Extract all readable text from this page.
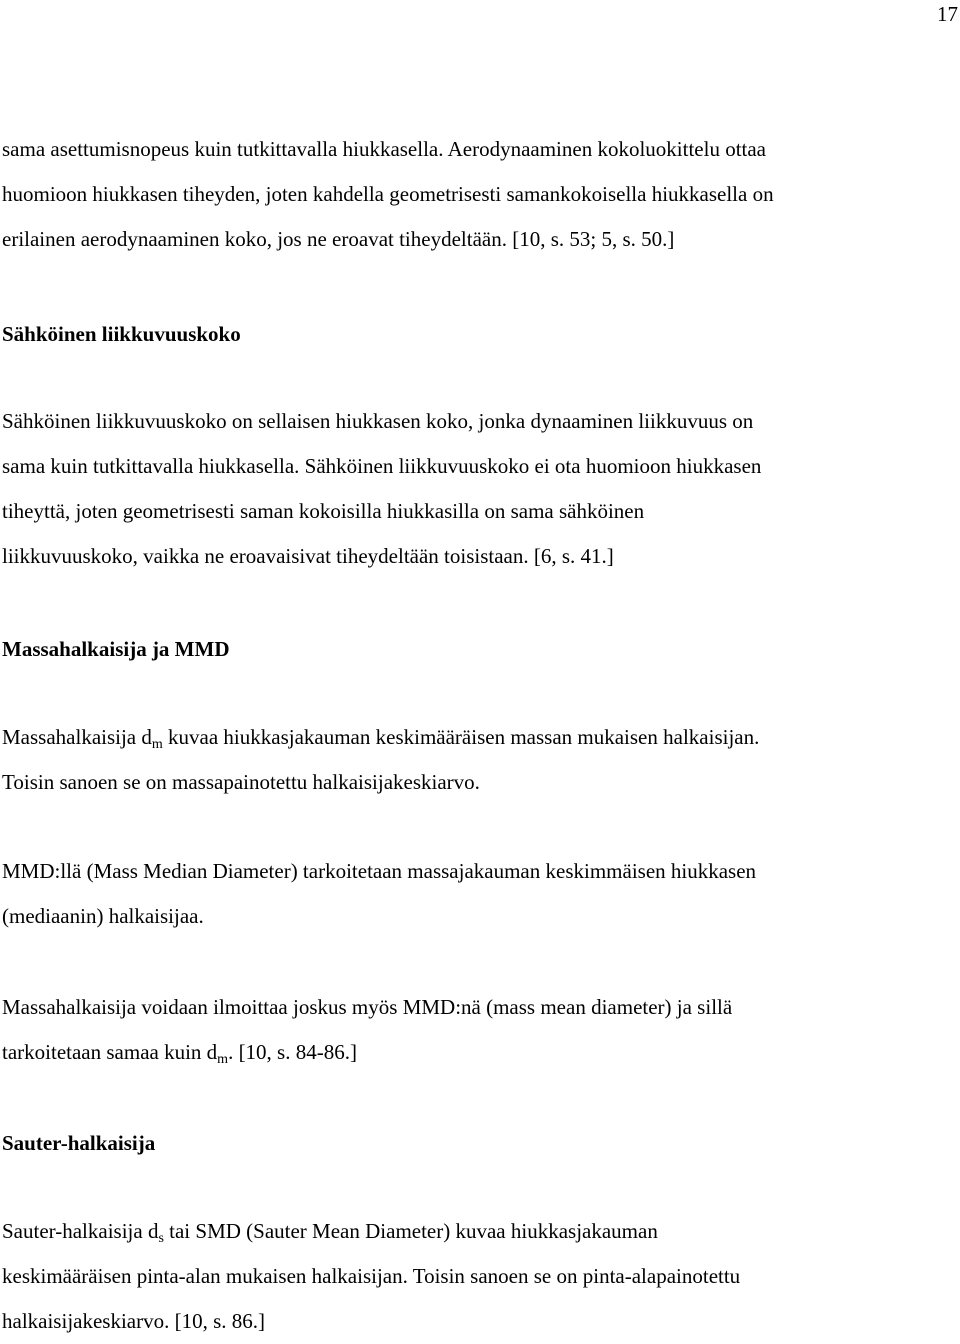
17

sama asettumisnopeus kuin tutkittavalla hiukkasella. Aerodynaaminen kokoluokittelu ottaa
huomioon hiukkasen tiheyden, joten kahdella geometrisesti samankokoisella hiukkasella on
erilainen aerodynaaminen koko, jos ne eroavat tiheydeltään. [10, s. 53; 5, s. 50.]

Sähköinen liikkuvuuskoko

Sähköinen liikkuvuuskoko on sellaisen hiukkasen koko, jonka dynaaminen liikkuvuus on
sama kuin tutkittavalla hiukkasella. Sähköinen liikkuvuuskoko ei ota huomioon hiukkasen
tiheyttä, joten geometrisesti saman kokoisilla hiukkasilla on sama sähköinen
liikkuvuuskoko, vaikka ne eroavaisivat tiheydeltään toisistaan. [6, s. 41.]

Massahalkaisija ja MMD

Massahalkaisija $d_m$ kuvaa hiukkasjakauman keskimääräisen massan mukaisen halkaisijan.
Toisin sanoen se on massapainotettu halkaisijakeskiarvo.

MMD:llä (Mass Median Diameter) tarkoitetaan massajakauman keskimmäisen hiukkasen
(mediaanin) halkaisijaa.

Massahalkaisija voidaan ilmoittaa joskus myös MMD:nä (mass mean diameter) ja sillä
tarkoitetaan samaa kuin $d_m$. [10, s. 84-86.]

Sauter-halkaisija

Sauter-halkaisija $d_s$ tai SMD (Sauter Mean Diameter) kuvaa hiukkasjakauman
keskimääräisen pinta-alan mukaisen halkaisijan. Toisin sanoen se on pinta-alapainotettu
halkaisijakeskiarvo. [10, s. 86.]
